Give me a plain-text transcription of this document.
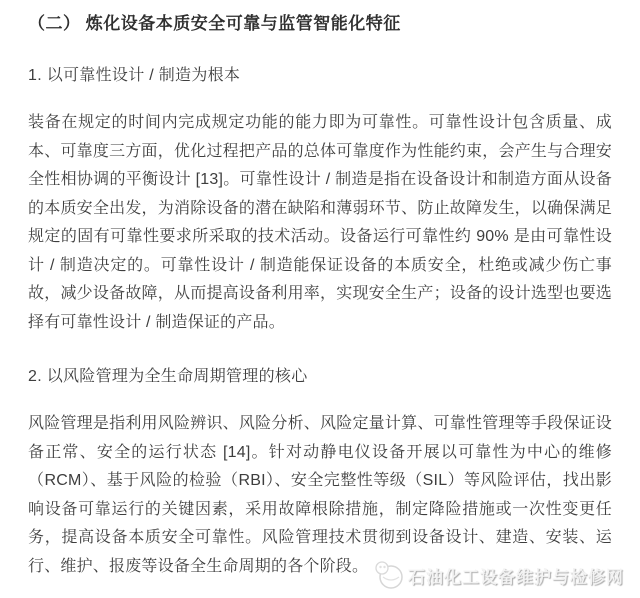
（二） 炼化设备本质安全可靠与监管智能化特征
1. 以可靠性设计 / 制造为根本

装备在规定的时间内完成规定功能的能力即为可靠性。可靠性设计包含质量、成本、可靠度三方面，优化过程把产品的总体可靠度作为性能约束，会产生与合理安全性相协调的平衡设计 [13]。可靠性设计 / 制造是指在设备设计和制造方面从设备的本质安全出发，为消除设备的潜在缺陷和薄弱环节、防止故障发生，以确保满足规定的固有可靠性要求所采取的技术活动。设备运行可靠性约 90% 是由可靠性设计 / 制造决定的。可靠性设计 / 制造能保证设备的本质安全，杜绝或减少伤亡事故，减少设备故障，从而提高设备利用率，实现安全生产；设备的设计选型也要选择有可靠性设计 / 制造保证的产品。

2. 以风险管理为全生命周期管理的核心

风险管理是指利用风险辨识、风险分析、风险定量计算、可靠性管理等手段保证设备正常、安全的运行状态 [14]。针对动静电仪设备开展以可靠性为中心的维修（RCM）、基于风险的检验（RBI）、安全完整性等级（SIL）等风险评估，找出影响设备可靠运行的关键因素，采用故障根除措施，制定降险措施或一次性变更任务，提高设备本质安全可靠性。风险管理技术贯彻到设备设计、建造、安装、运行、维护、报废等设备全生命周期的各个阶段。

石油化工设备维护与检修网
